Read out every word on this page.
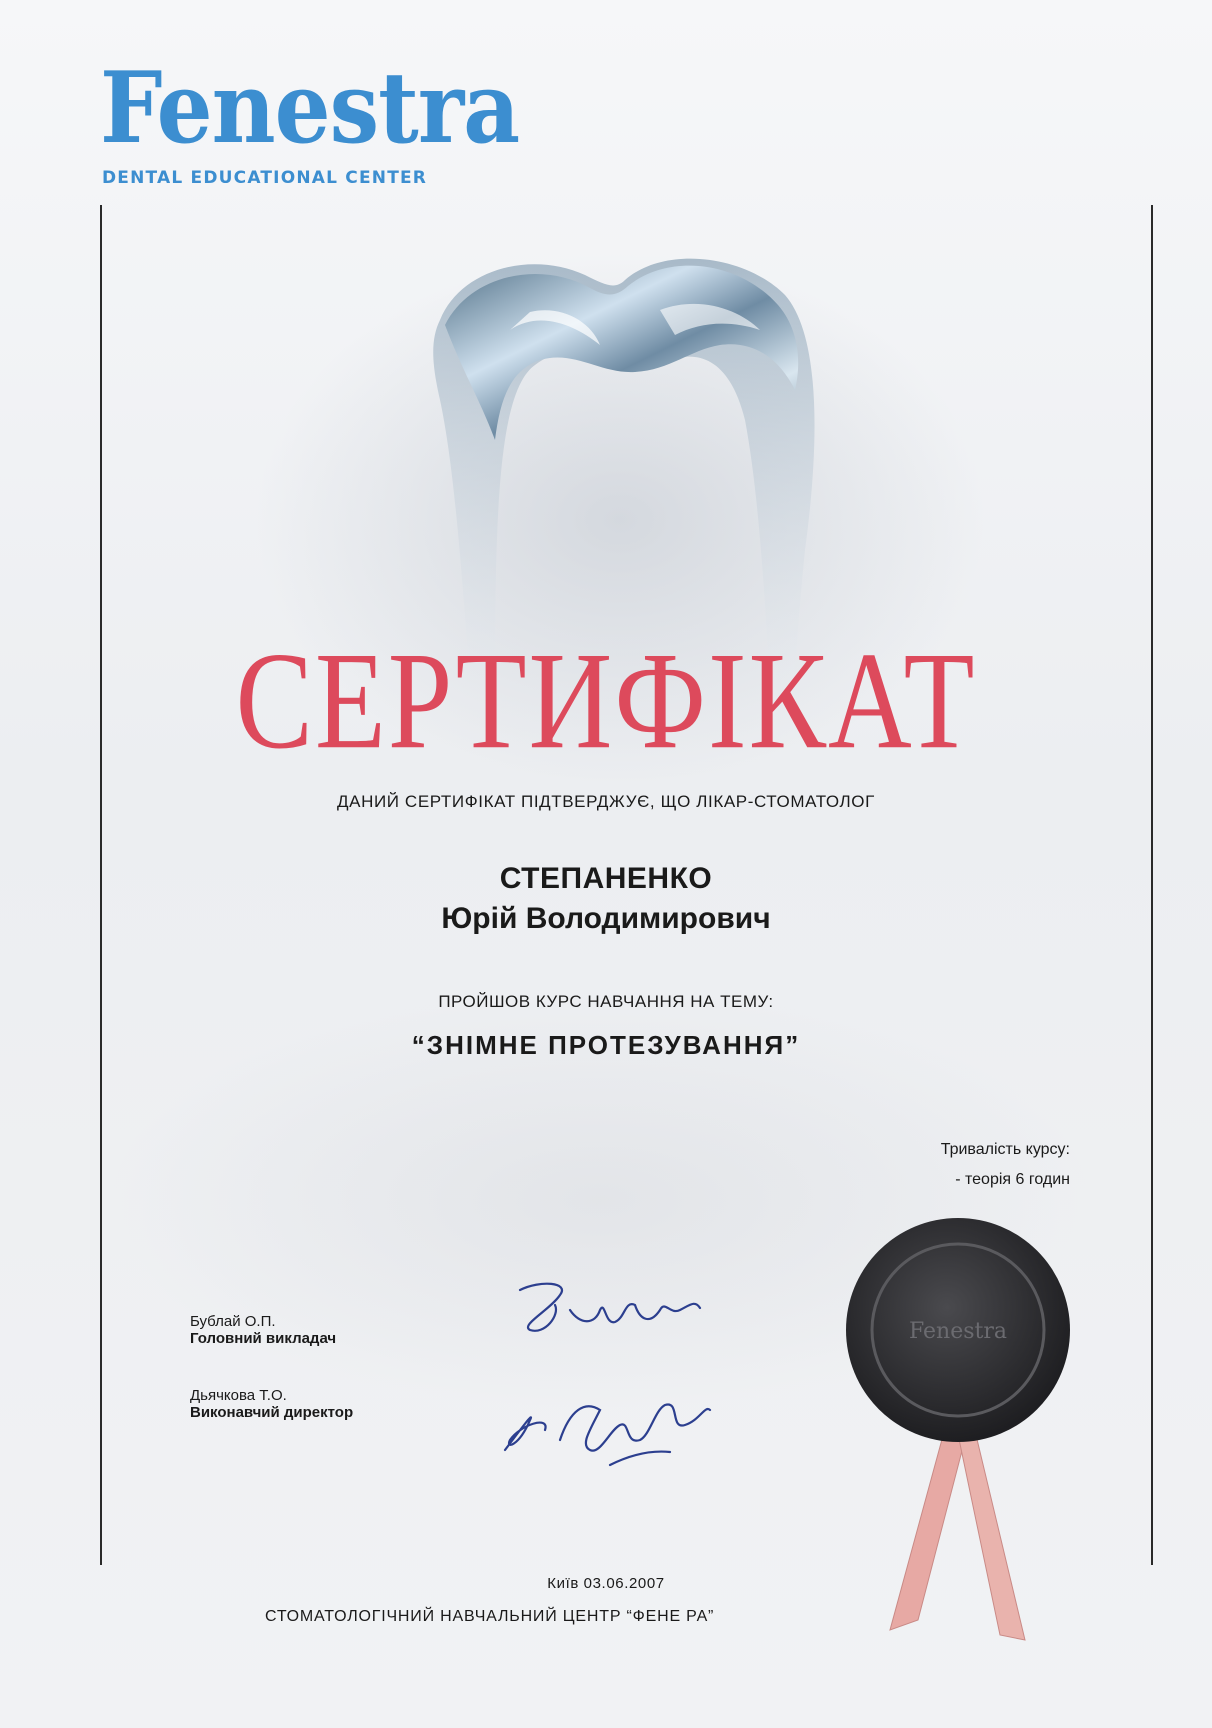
Fenestra
DENTAL EDUCATIONAL CENTER
СЕРТИФІКАТ
ДАНИЙ СЕРТИФІКАТ ПІДТВЕРДЖУЄ, ЩО ЛІКАР-СТОМАТОЛОГ
СТЕПАНЕНКО
Юрій Володимирович
ПРОЙШОВ КУРС НАВЧАННЯ НА ТЕМУ:
“ЗНІМНЕ ПРОТЕЗУВАННЯ”
Тривалість курсу:
- теорія 6 годин
Бублай О.П.
Головний викладач
Дьячкова Т.О.
Виконавчий директор
Fenestra
Київ 03.06.2007
СТОМАТОЛОГІЧНИЙ НАВЧАЛЬНИЙ ЦЕНТР “ФЕНЕ РА”
